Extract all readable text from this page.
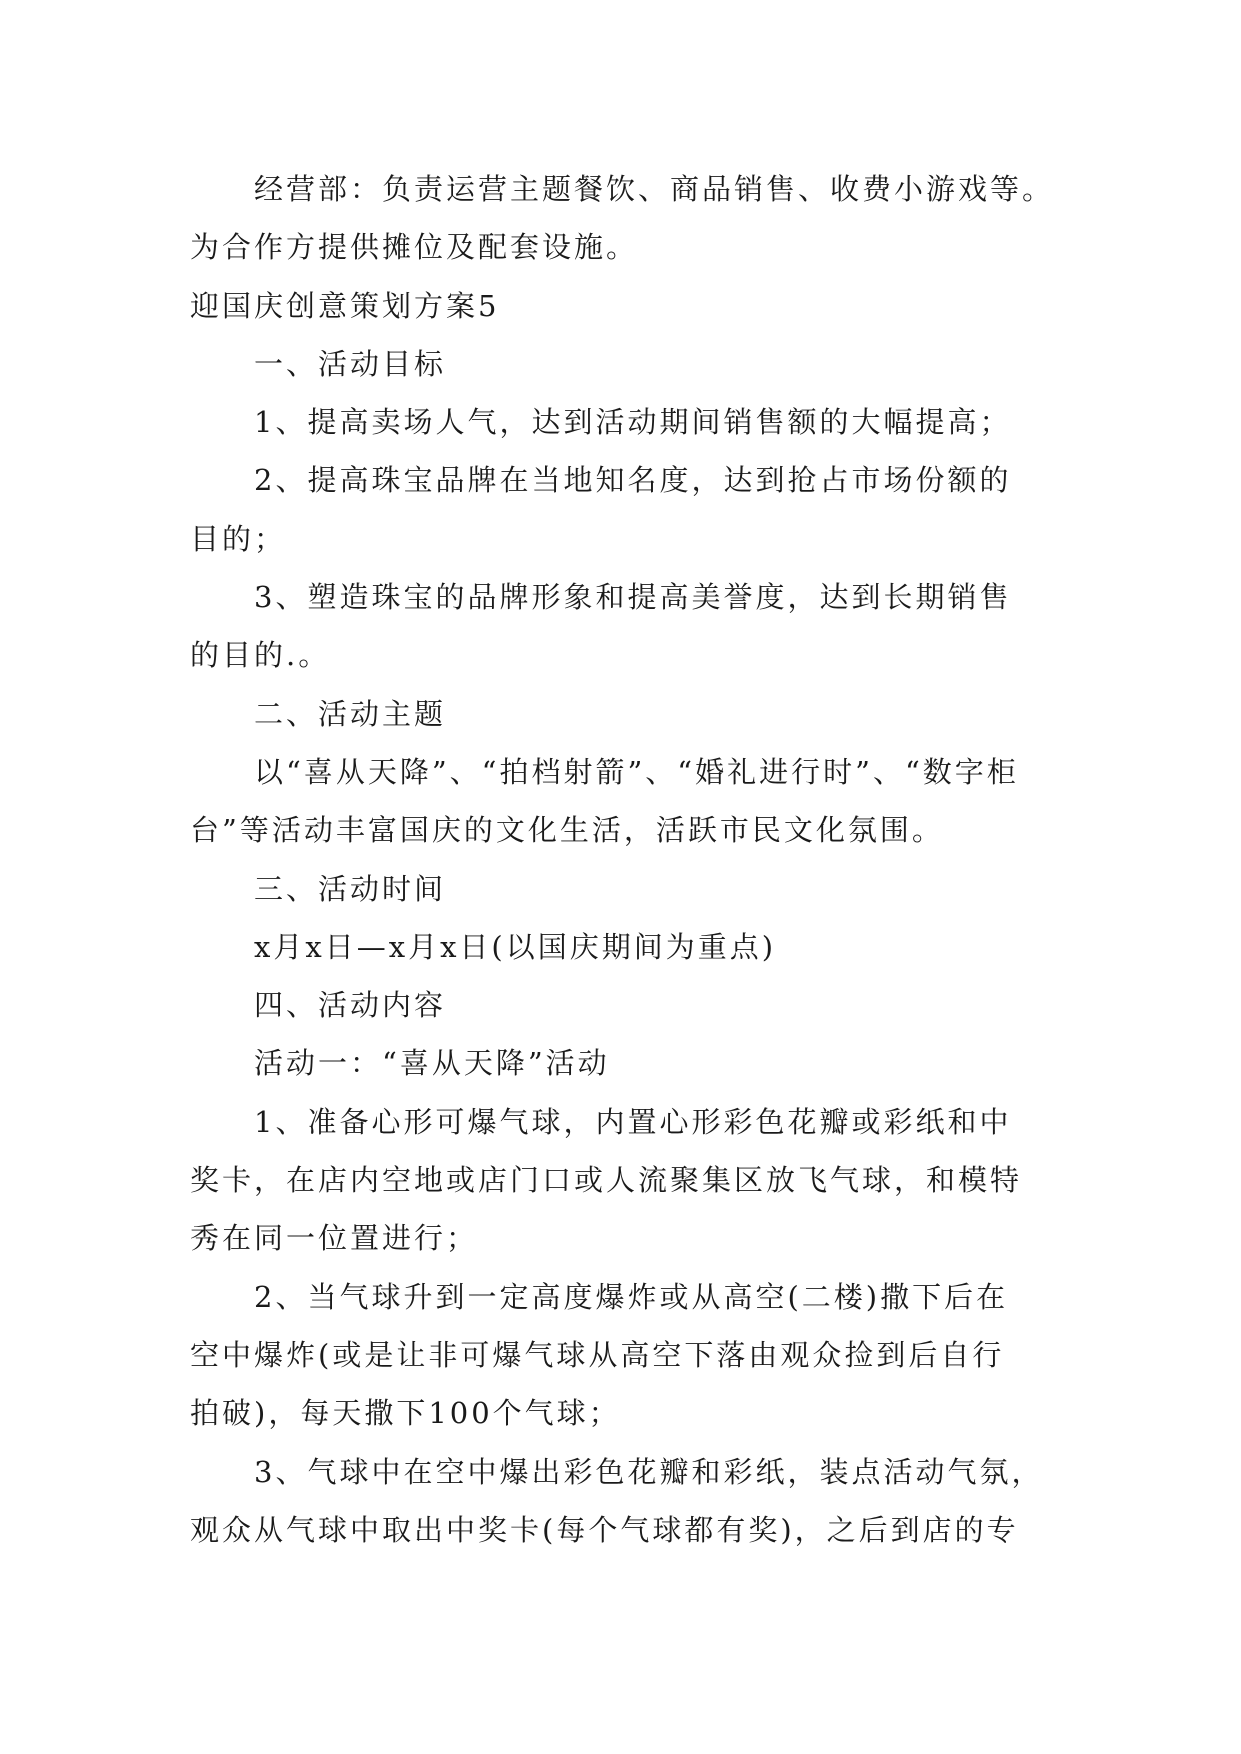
经营部：负责运营主题餐饮、商品销售、收费小游戏等。

为合作方提供摊位及配套设施。

迎国庆创意策划方案5

一、活动目标

1、提高卖场人气，达到活动期间销售额的大幅提高；

2、提高珠宝品牌在当地知名度，达到抢占市场份额的

目的；

3、塑造珠宝的品牌形象和提高美誉度，达到长期销售

的目的.。

二、活动主题

以“喜从天降”、“拍档射箭”、“婚礼进行时”、“数字柜

台”等活动丰富国庆的文化生活，活跃市民文化氛围。

三、活动时间

x月x日—x月x日(以国庆期间为重点)

四、活动内容

活动一：“喜从天降”活动

1、准备心形可爆气球，内置心形彩色花瓣或彩纸和中

奖卡，在店内空地或店门口或人流聚集区放飞气球，和模特

秀在同一位置进行；

2、当气球升到一定高度爆炸或从高空(二楼)撒下后在

空中爆炸(或是让非可爆气球从高空下落由观众捡到后自行

拍破)，每天撒下100个气球；

3、气球中在空中爆出彩色花瓣和彩纸，装点活动气氛，

观众从气球中取出中奖卡(每个气球都有奖)，之后到店的专
